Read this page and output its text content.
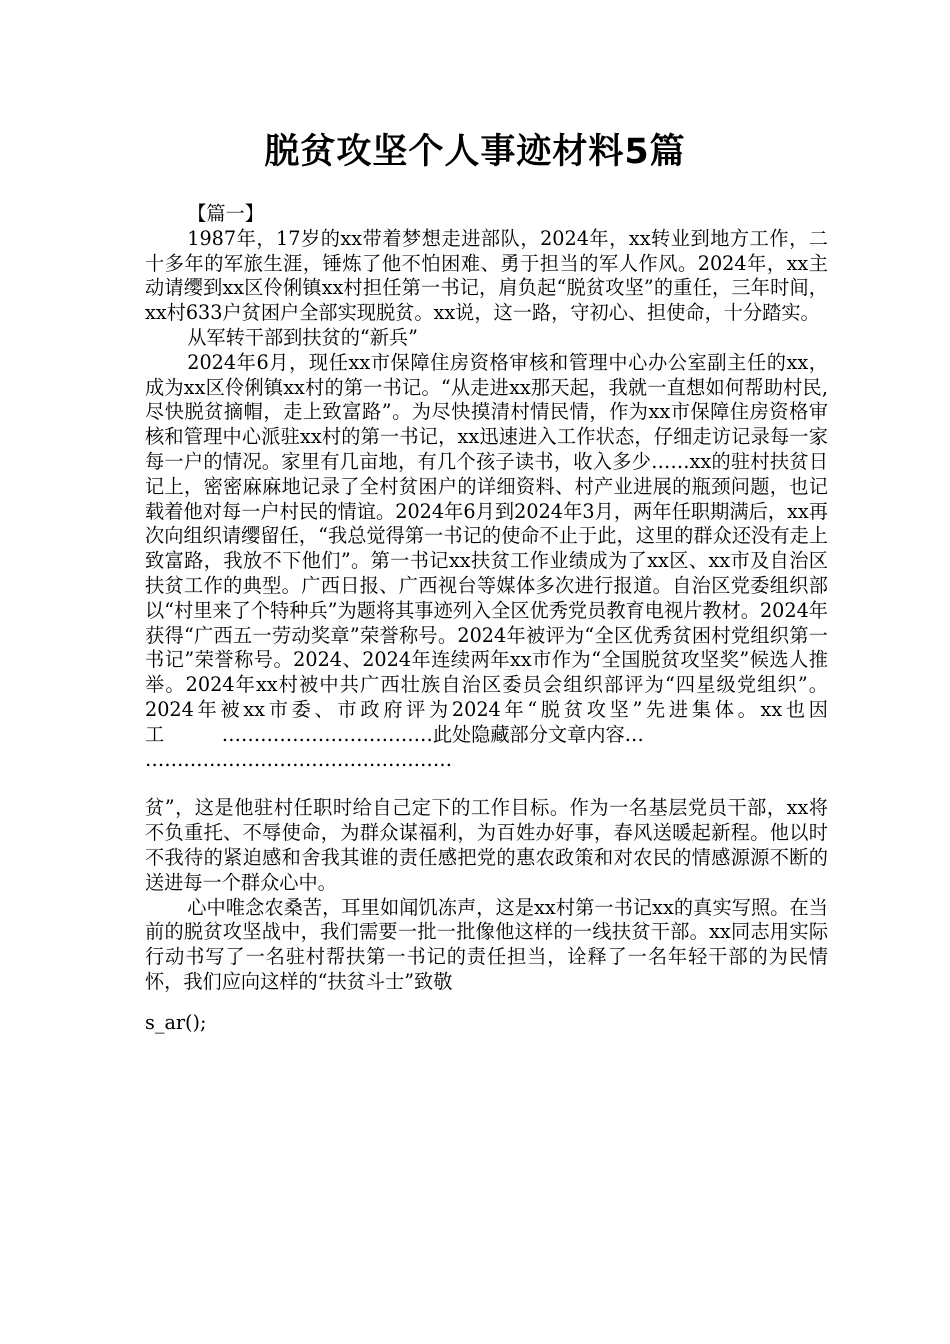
脱贫攻坚个人事迹材料5篇

【篇一】

1987年，17岁的xx带着梦想走进部队，2024年，xx转业到地方工作，二十多年的军旅生涯，锤炼了他不怕困难、勇于担当的军人作风。2024年，xx主动请缨到xx区伶俐镇xx村担任第一书记，肩负起“脱贫攻坚”的重任，三年时间，xx村633户贫困户全部实现脱贫。xx说，这一路，守初心、担使命，十分踏实。

从军转干部到扶贫的“新兵”

2024年6月，现任xx市保障住房资格审核和管理中心办公室副主任的xx，成为xx区伶俐镇xx村的第一书记。“从走进xx那天起，我就一直想如何帮助村民,尽快脱贫摘帽，走上致富路”。为尽快摸清村情民情，作为xx市保障住房资格审核和管理中心派驻xx村的第一书记，xx迅速进入工作状态，仔细走访记录每一家每一户的情况。家里有几亩地，有几个孩子读书，收入多少……xx的驻村扶贫日记上，密密麻麻地记录了全村贫困户的详细资料、村产业进展的瓶颈问题，也记载着他对每一户村民的情谊。2024年6月到2024年3月，两年任职期满后，xx再次向组织请缨留任，“我总觉得第一书记的使命不止于此，这里的群众还没有走上致富路，我放不下他们”。第一书记xx扶贫工作业绩成为了xx区、xx市及自治区扶贫工作的典型。广西日报、广西视台等媒体多次进行报道。自治区党委组织部以“村里来了个特种兵”为题将其事迹列入全区优秀党员教育电视片教材。2024年获得“广西五一劳动奖章”荣誉称号。2024年被评为“全区优秀贫困村党组织第一书记”荣誉称号。2024、2024年连续两年xx市作为“全国脱贫攻坚奖”候选人推举。2024年xx村被中共广西壮族自治区委员会组织部评为“四星级党组织”。2024年被xx市委、市政府评为2024年“脱贫攻坚”先进集体。xx也因工　　　	……………………………此处隐藏部分文章内容…

…………………………………………

贫”，这是他驻村任职时给自己定下的工作目标。作为一名基层党员干部，xx将不负重托、不辱使命，为群众谋福利，为百姓办好事，春风送暖起新程。他以时不我待的紧迫感和舍我其谁的责任感把党的惠农政策和对农民的情感源源不断的送进每一个群众心中。

心中唯念农桑苦，耳里如闻饥冻声，这是xx村第一书记xx的真实写照。在当前的脱贫攻坚战中，我们需要一批一批像他这样的一线扶贫干部。xx同志用实际行动书写了一名驻村帮扶第一书记的责任担当，诠释了一名年轻干部的为民情怀，我们应向这样的“扶贫斗士”致敬

s_ar();
